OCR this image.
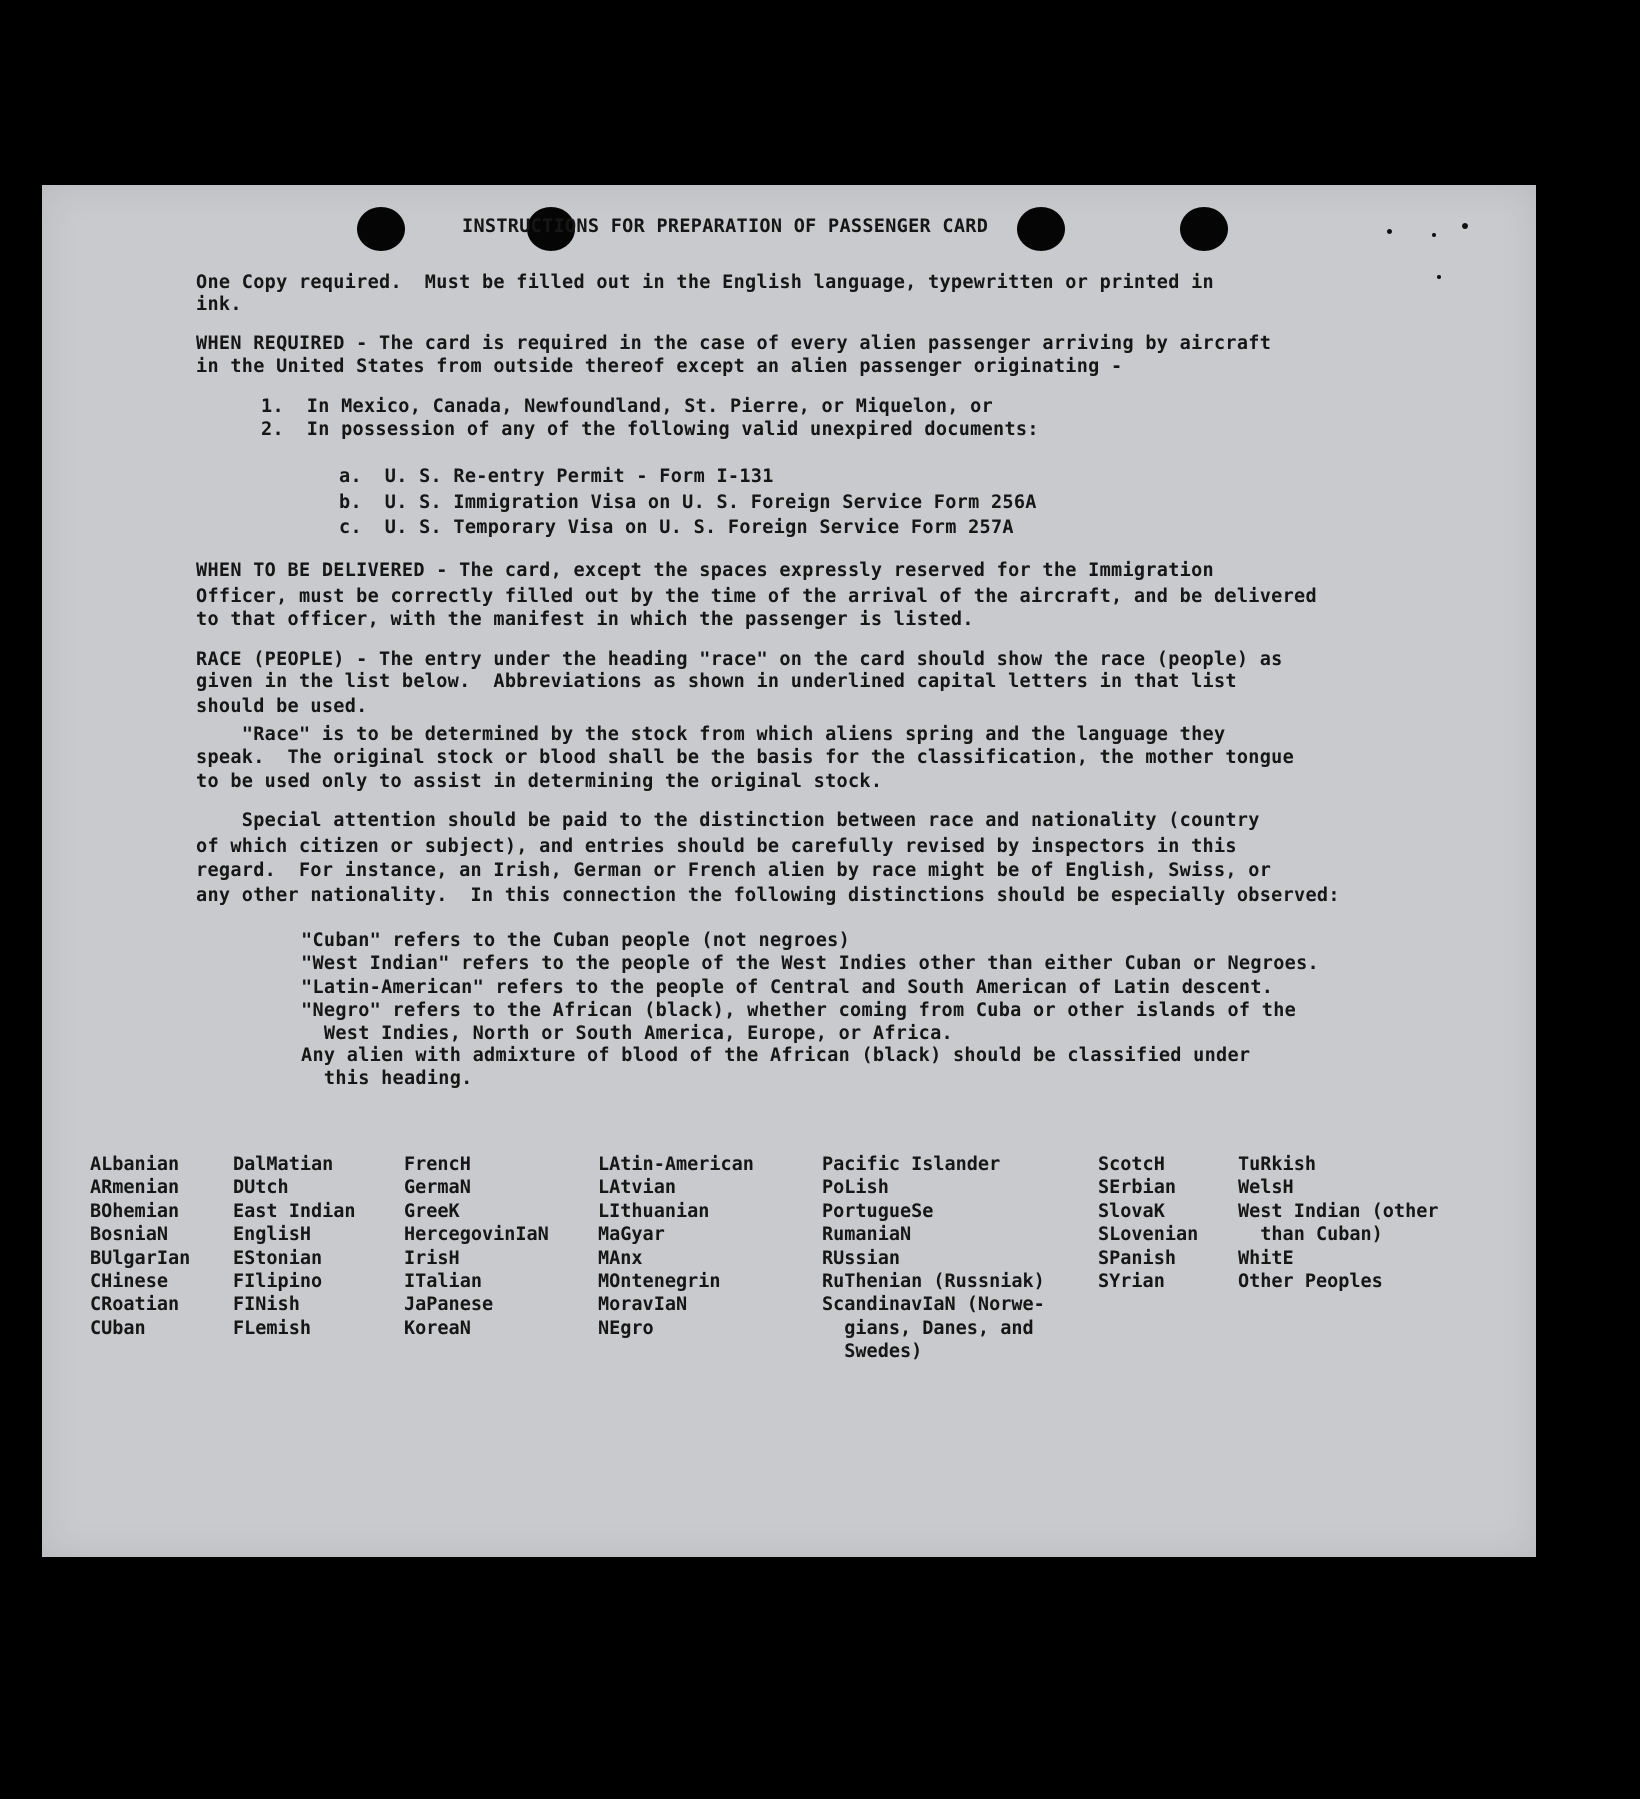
INSTRUCTIONS FOR PREPARATION OF PASSENGER CARD
One Copy required.  Must be filled out in the English language, typewritten or printed in
ink.
WHEN REQUIRED - The card is required in the case of every alien passenger arriving by aircraft
in the United States from outside thereof except an alien passenger originating -
1.  In Mexico, Canada, Newfoundland, St. Pierre, or Miquelon, or
2.  In possession of any of the following valid unexpired documents:
a.  U. S. Re-entry Permit - Form I-131
b.  U. S. Immigration Visa on U. S. Foreign Service Form 256A
c.  U. S. Temporary Visa on U. S. Foreign Service Form 257A
WHEN TO BE DELIVERED - The card, except the spaces expressly reserved for the Immigration
Officer, must be correctly filled out by the time of the arrival of the aircraft, and be delivered
to that officer, with the manifest in which the passenger is listed.
RACE (PEOPLE) - The entry under the heading "race" on the card should show the race (people) as
given in the list below.  Abbreviations as shown in underlined capital letters in that list
should be used.
"Race" is to be determined by the stock from which aliens spring and the language they
speak.  The original stock or blood shall be the basis for the classification, the mother tongue
to be used only to assist in determining the original stock.
Special attention should be paid to the distinction between race and nationality (country
of which citizen or subject), and entries should be carefully revised by inspectors in this
regard.  For instance, an Irish, German or French alien by race might be of English, Swiss, or
any other nationality.  In this connection the following distinctions should be especially observed:
"Cuban" refers to the Cuban people (not negroes)
"West Indian" refers to the people of the West Indies other than either Cuban or Negroes.
"Latin-American" refers to the people of Central and South American of Latin descent.
"Negro" refers to the African (black), whether coming from Cuba or other islands of the
West Indies, North or South America, Europe, or Africa.
Any alien with admixture of blood of the African (black) should be classified under
this heading.
ALbanian
ARmenian
BOhemian
BosniaN
BUlgarIan
CHinese
CRoatian
CUban
DalMatian
DUtch
East Indian
EnglisH
EStonian
FIlipino
FINish
FLemish
FrencH
GermaN
GreeK
HercegovinIaN
IrisH
ITalian
JaPanese
KoreaN
LAtin-American
LAtvian
LIthuanian
MaGyar
MAnx
MOntenegrin
MoravIaN
NEgro
Pacific Islander
PoLish
PortugueSe
RumaniaN
RUssian
RuThenian (Russniak)
ScandinavIaN (Norwe-
gians, Danes, and
Swedes)
ScotcH
SErbian
SlovaK
SLovenian
SPanish
SYrian
TuRkish
WelsH
West Indian (other
than Cuban)
WhitE
Other Peoples
